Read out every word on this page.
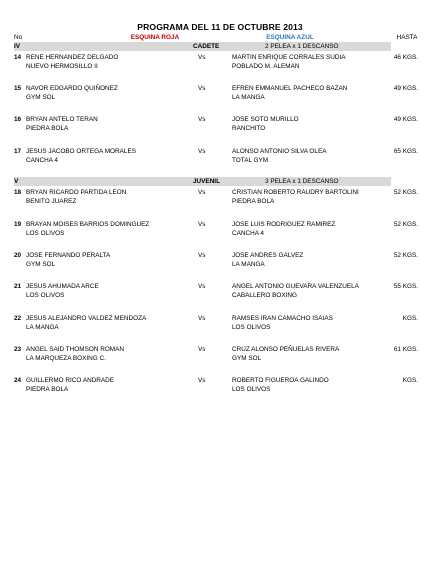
PROGRAMA DEL 11 DE OCTUBRE 2013
No	ESQUINA ROJA	ESQUINA AZUL	HASTA
IV	CADETE	2 PELEA x 1 DESCANSO
14 RENE HERNANDEZ DELGADO
NUEVO HERMOSILLO II
Vs	MARTIN ENRIQUE CORRALES SUDIA
POBLADO M. ALEMAN
46 KGS.
15 NAVOR EDGARDO QUIÑONEZ
GYM SOL
Vs	EFREN EMMANUEL PACHECO BAZAN
LA MANGA
49 KGS.
16 BRYAN ANTELO TERAN
PIEDRA BOLA
Vs	JOSE SOTO MURILLO
RANCHITO
49 KGS.
17 JESUS JACOBO ORTEGA MORALES
CANCHA 4
Vs	ALONSO ANTONIO SILVA OLEA
TOTAL GYM
65 KGS.
V	JUVENIL	3 PELEA x 1 DESCANSO
18 BRYAN RICARDO PARTIDA LEON
BENITO JUAREZ
Vs	CRISTIAN ROBERTO RAUDRY BARTOLINI
PIEDRA BOLA
52 KGS.
19 BRAYAN MOISES BARRIOS DOMINGUEZ
LOS OLIVOS
Vs	JOSE LUIS RODRIGUEZ RAMIREZ
CANCHA 4
52 KGS.
20 JOSE FERNANDO PERALTA
GYM SOL
Vs	JOSE ANDRES GALVEZ
LA MANGA
52 KGS.
21 JESUS AHUMADA ARCE
LOS OLIVOS
Vs	ANGEL ANTONIO GUEVARA VALENZUELA
CABALLERO BOXING
55 KGS.
22 JESUS ALEJANDRO VALDEZ MENDOZA
LA MANGA
Vs	RAMSES IRAN CAMACHO ISAIAS
LOS OLIVOS
KGS.
23 ANGEL SAID THOMSON ROMAN
LA MARQUEZA BOXING C.
Vs	CRUZ ALONSO PEÑUELAS RIVERA
GYM SOL
61 KGS.
24 GUILLERMO RICO ANDRADE
PIEDRA BOLA
Vs	ROBERTO FIGUEROA GALINDO
LOS OLIVOS
KGS.
